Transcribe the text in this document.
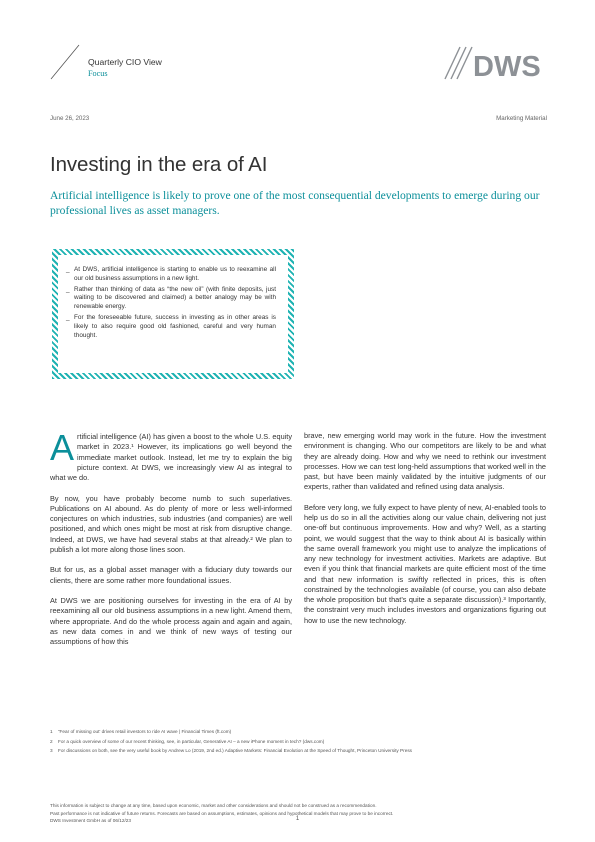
Quarterly CIO View
Focus	DWS
June 26, 2023	Marketing Material
Investing in the era of AI
Artificial intelligence is likely to prove one of the most consequential developments to emerge during our professional lives as asset managers.
_ At DWS, artificial intelligence is starting to enable us to reexamine all our old business assumptions in a new light.
_ Rather than thinking of data as “the new oil” (with finite deposits, just waiting to be discovered and claimed) a better analogy may be with renewable energy.
_ For the foreseeable future, success in investing as in other areas is likely to also require good old fashioned, careful and very human thought.

Artificial intelligence (AI) has given a boost to the whole U.S. equity market in 2023.¹ However, its implications go well beyond the immediate market outlook. Instead, let me try to explain the big picture context. At DWS, we increasingly view AI as integral to what we do.

By now, you have probably become numb to such superlatives. Publications on AI abound. As do plenty of more or less well-informed conjectures on which industries, sub industries (and companies) are well positioned, and which ones might be most at risk from disruptive change. Indeed, at DWS, we have had several stabs at that already.² We plan to publish a lot more along those lines soon.

But for us, as a global asset manager with a fiduciary duty towards our clients, there are some rather more foundational issues.

At DWS we are positioning ourselves for investing in the era of AI by reexamining all our old business assumptions in a new light. Amend them, where appropriate. And do the whole process again and again and again, as new data comes in and we think of new ways of testing our assumptions of how this

brave, new emerging world may work in the future. How the investment environment is changing. Who our competitors are likely to be and what they are already doing. How and why we need to rethink our investment processes. How we can test long-held assumptions that worked well in the past, but have been mainly validated by the intuitive judgments of our experts, rather than validated and refined using data analysis.

Before very long, we fully expect to have plenty of new, AI-enabled tools to help us do so in all the activities along our value chain, delivering not just one-off but continuous improvements. How and why? Well, as a starting point, we would suggest that the way to think about AI is basically within the same overall framework you might use to analyze the implications of any new technology for investment activities. Markets are adaptive. But even if you think that financial markets are quite efficient most of the time and that new information is swiftly reflected in prices, this is often constrained by the technologies available (of course, you can also debate the whole proposition but that’s quite a separate discussion).³ Importantly, the constraint very much includes investors and organizations figuring out how to use the new technology.

1	“Fear of missing out’ drives retail investors to ride AI wave | Financial Times (ft.com)
2	For a quick overview of some of our recent thinking, see, in particular, Generative AI – a new iPhone moment in tech? (dws.com)
3	For discussions on both, see the very useful book by Andrew Lo (2019, 2nd ed.) Adaptive Markets: Financial Evolution at the Speed of Thought, Princeton University Press
This information is subject to change at any time, based upon economic, market and other considerations and should not be construed as a recommendation.
Past performance is not indicative of future returns. Forecasts are based on assumptions, estimates, opinions and hypothetical models that may prove to be incorrect.
DWS Investment GmbH as of 06/12/23	1
